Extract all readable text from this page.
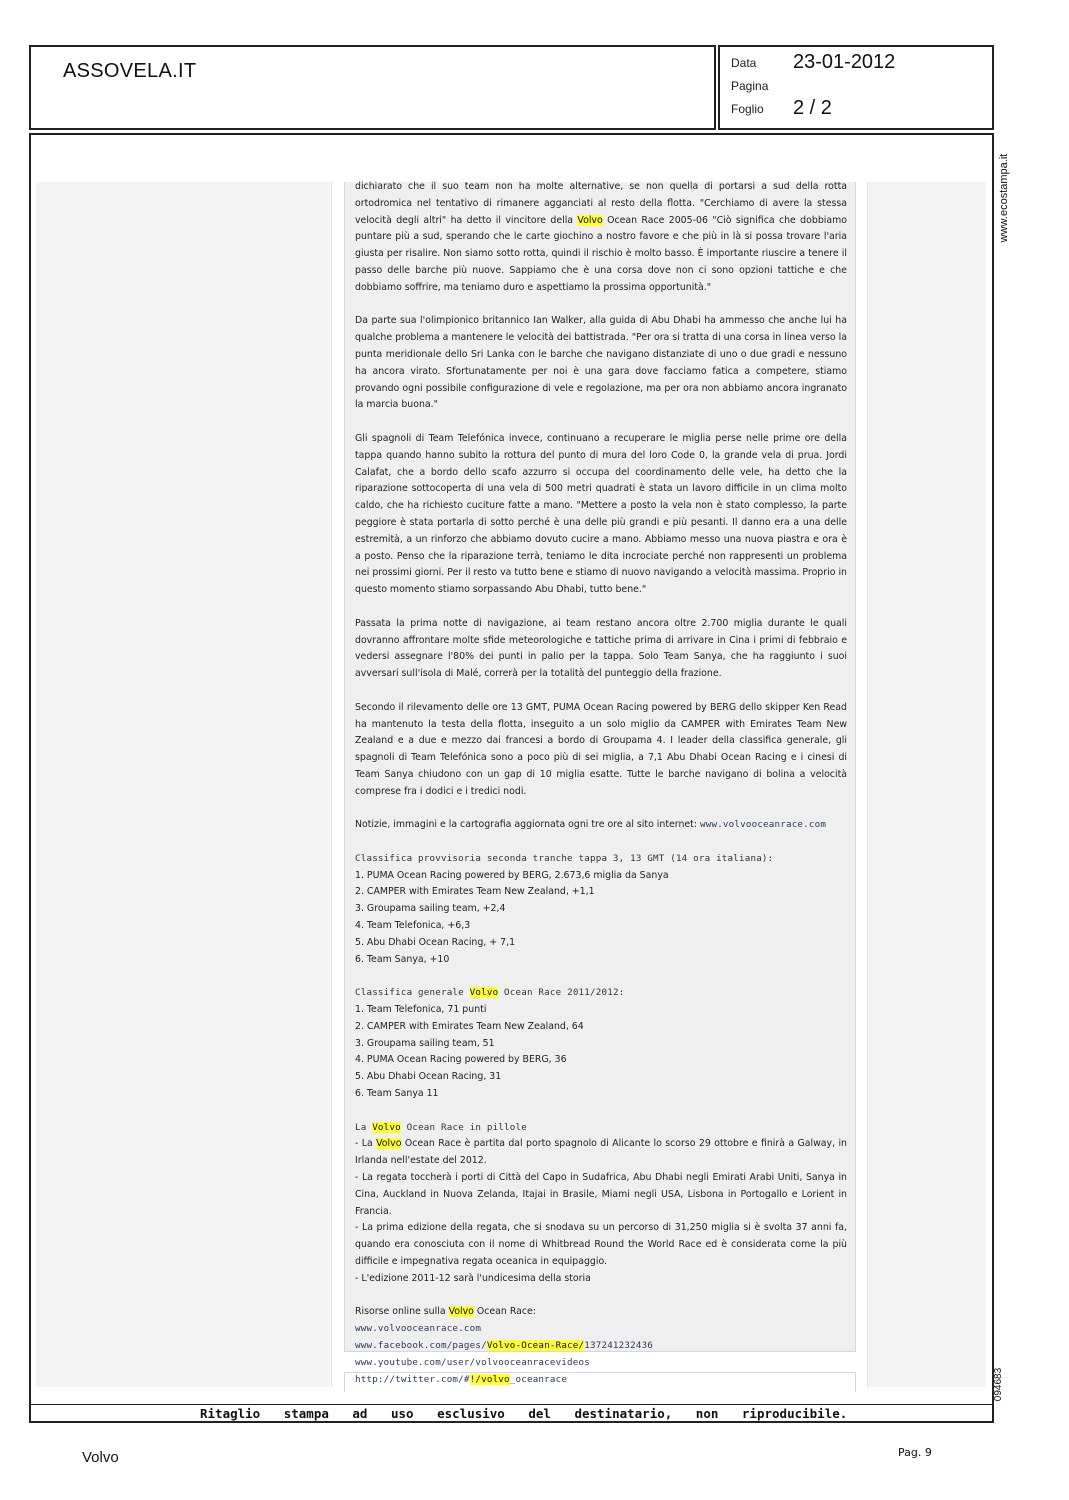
ASSOVELA.IT	Data 23-01-2012
Pagina
Foglio 2 / 2

dichiarato che il suo team non ha molte alternative, se non quella di portarsi a sud della rotta ortodromica nel tentativo di rimanere agganciati al resto della flotta. "Cerchiamo di avere la stessa velocità degli altri" ha detto il vincitore della Volvo Ocean Race 2005-06 "Ciò significa che dobbiamo puntare più a sud, sperando che le carte giochino a nostro favore e che più in là si possa trovare l'aria giusta per risalire. Non siamo sotto rotta, quindi il rischio è molto basso. È importante riuscire a tenere il passo delle barche più nuove. Sappiamo che è una corsa dove non ci sono opzioni tattiche e che dobbiamo soffrire, ma teniamo duro e aspettiamo la prossima opportunità."

Da parte sua l'olimpionico britannico Ian Walker, alla guida di Abu Dhabi ha ammesso che anche lui ha qualche problema a mantenere le velocità dei battistrada. "Per ora si tratta di una corsa in linea verso la punta meridionale dello Sri Lanka con le barche che navigano distanziate di uno o due gradi e nessuno ha ancora virato. Sfortunatamente per noi è una gara dove facciamo fatica a competere, stiamo provando ogni possibile configurazione di vele e regolazione, ma per ora non abbiamo ancora ingranato la marcia buona."

Gli spagnoli di Team Telefónica invece, continuano a recuperare le miglia perse nelle prime ore della tappa quando hanno subito la rottura del punto di mura del loro Code 0, la grande vela di prua. Jordi Calafat, che a bordo dello scafo azzurro si occupa del coordinamento delle vele, ha detto che la riparazione sottocoperta di una vela di 500 metri quadrati è stata un lavoro difficile in un clima molto caldo, che ha richiesto cuciture fatte a mano. "Mettere a posto la vela non è stato complesso, la parte peggiore è stata portarla di sotto perché è una delle più grandi e più pesanti. Il danno era a una delle estremità, a un rinforzo che abbiamo dovuto cucire a mano. Abbiamo messo una nuova piastra e ora è a posto. Penso che la riparazione terrà, teniamo le dita incrociate perché non rappresenti un problema nei prossimi giorni. Per il resto va tutto bene e stiamo di nuovo navigando a velocità massima. Proprio in questo momento stiamo sorpassando Abu Dhabi, tutto bene."

Passata la prima notte di navigazione, ai team restano ancora oltre 2.700 miglia durante le quali dovranno affrontare molte sfide meteorologiche e tattiche prima di arrivare in Cina i primi di febbraio e vedersi assegnare l'80% dei punti in palio per la tappa. Solo Team Sanya, che ha raggiunto i suoi avversari sull'isola di Malé, correrà per la totalità del punteggio della frazione.

Secondo il rilevamento delle ore 13 GMT, PUMA Ocean Racing powered by BERG dello skipper Ken Read ha mantenuto la testa della flotta, inseguito a un solo miglio da CAMPER with Emirates Team New Zealand e a due e mezzo dai francesi a bordo di Groupama 4. I leader della classifica generale, gli spagnoli di Team Telefónica sono a poco più di sei miglia, a 7,1 Abu Dhabi Ocean Racing e i cinesi di Team Sanya chiudono con un gap di 10 miglia esatte. Tutte le barche navigano di bolina a velocità comprese fra i dodici e i tredici nodi.

Notizie, immagini e la cartografia aggiornata ogni tre ore al sito internet: www.volvooceanrace.com

Classifica provvisoria seconda tranche tappa 3, 13 GMT (14 ora italiana):
1. PUMA Ocean Racing powered by BERG, 2.673,6 miglia da Sanya
2. CAMPER with Emirates Team New Zealand, +1,1
3. Groupama sailing team, +2,4
4. Team Telefonica, +6,3
5. Abu Dhabi Ocean Racing, + 7,1
6. Team Sanya, +10
Classifica generale Volvo Ocean Race 2011/2012:
1. Team Telefonica, 71 punti
2. CAMPER with Emirates Team New Zealand, 64
3. Groupama sailing team, 51
4. PUMA Ocean Racing powered by BERG, 36
5. Abu Dhabi Ocean Racing, 31
6. Team Sanya 11
La Volvo Ocean Race in pillole
- La Volvo Ocean Race è partita dal porto spagnolo di Alicante lo scorso 29 ottobre e finirà a Galway, in Irlanda nell'estate del 2012.
- La regata toccherà i porti di Città del Capo in Sudafrica, Abu Dhabi negli Emirati Arabi Uniti, Sanya in Cina, Auckland in Nuova Zelanda, Itajai in Brasile, Miami negli USA, Lisbona in Portogallo e Lorient in Francia.
- La prima edizione della regata, che si snodava su un percorso di 31,250 miglia si è svolta 37 anni fa, quando era conosciuta con il nome di Whitbread Round the World Race ed è considerata come la più difficile e impegnativa regata oceanica in equipaggio.
- L'edizione 2011-12 sarà l'undicesima della storia
Risorse online sulla Volvo Ocean Race:
www.volvooceanrace.com
www.facebook.com/pages/Volvo-Ocean-Race/137241232436
www.youtube.com/user/volvooceanracevideos
http://twitter.com/#!/volvo_oceanrace
Ritaglio stampa ad uso esclusivo del destinatario, non riproducibile.
www.ecostampa.it
094683
Volvo	Pag. 9
